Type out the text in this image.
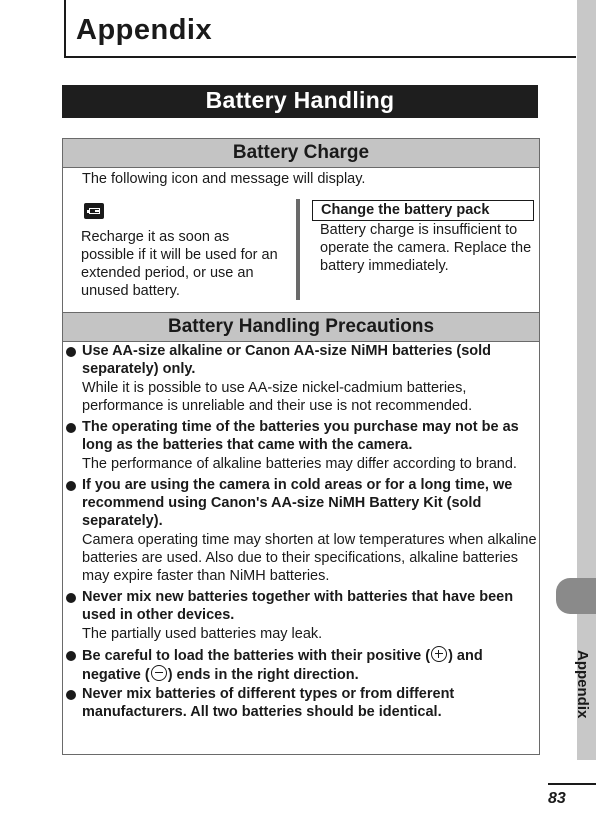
Appendix
Appendix
Battery Handling
Battery Charge
The following icon and message will display.
Recharge it as soon as possible if it will be used for an extended period, or use an unused battery.
Change the battery pack
Battery charge is insufficient to operate the camera. Replace the battery immediately.
Battery Handling Precautions

Use AA-size alkaline or Canon AA-size NiMH batteries (sold separately) only.

While it is possible to use AA-size nickel-cadmium batteries, performance is unreliable and their use is not recommended.

The operating time of the batteries you purchase may not be as long as the batteries that came with the camera.

The performance of alkaline batteries may differ according to brand.

If you are using the camera in cold areas or for a long time, we recommend using Canon's AA-size NiMH Battery Kit (sold separately).

Camera operating time may shorten at low temperatures when alkaline batteries are used. Also due to their specifications, alkaline batteries may expire faster than NiMH batteries.

Never mix new batteries together with batteries that have been used in other devices.

The partially used batteries may leak.

Be careful to load the batteries with their positive ( ) and negative ( ) ends in the right direction.

Never mix batteries of different types or from different manufacturers. All two batteries should be identical.

83
